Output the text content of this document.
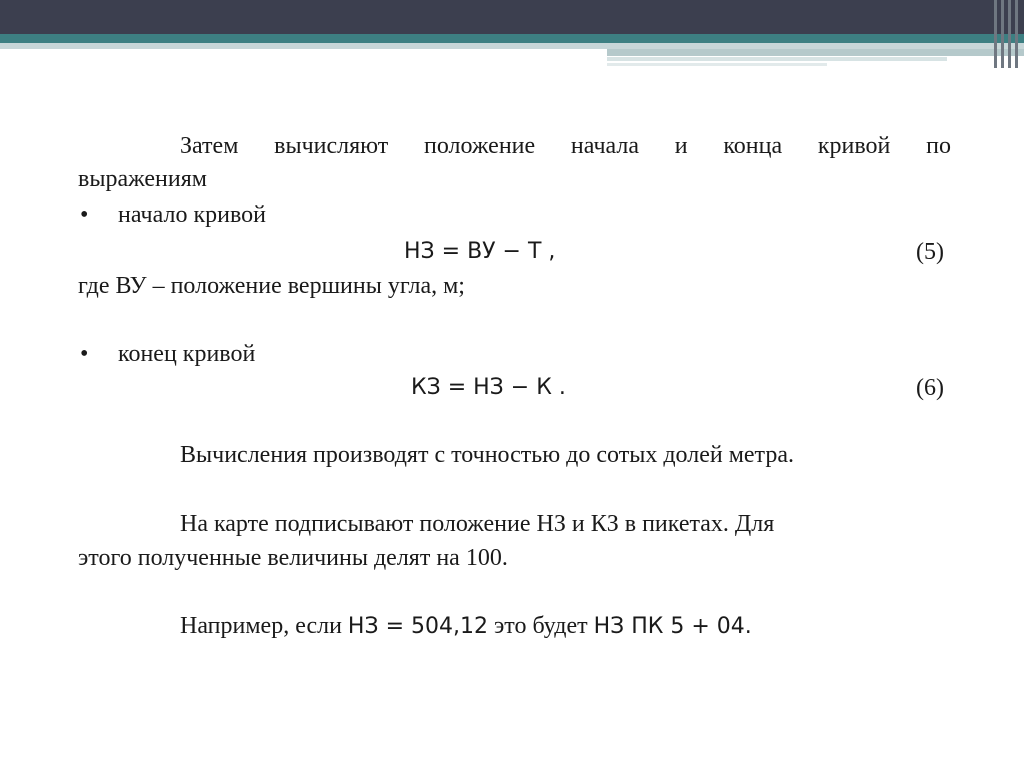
Затем вычисляют положение начала и конца кривой по
выражениям
• начало кривой
НЗ = ВУ − Т ,	(5)
где ВУ – положение вершины угла, м;
• конец кривой
КЗ = НЗ − К .	(6)
Вычисления производят с точностью до сотых долей метра.
На карте подписывают положение НЗ и КЗ в пикетах. Для
этого полученные величины делят на 100.
Например, если НЗ = 504,12 это будет НЗ ПК 5 + 04.
